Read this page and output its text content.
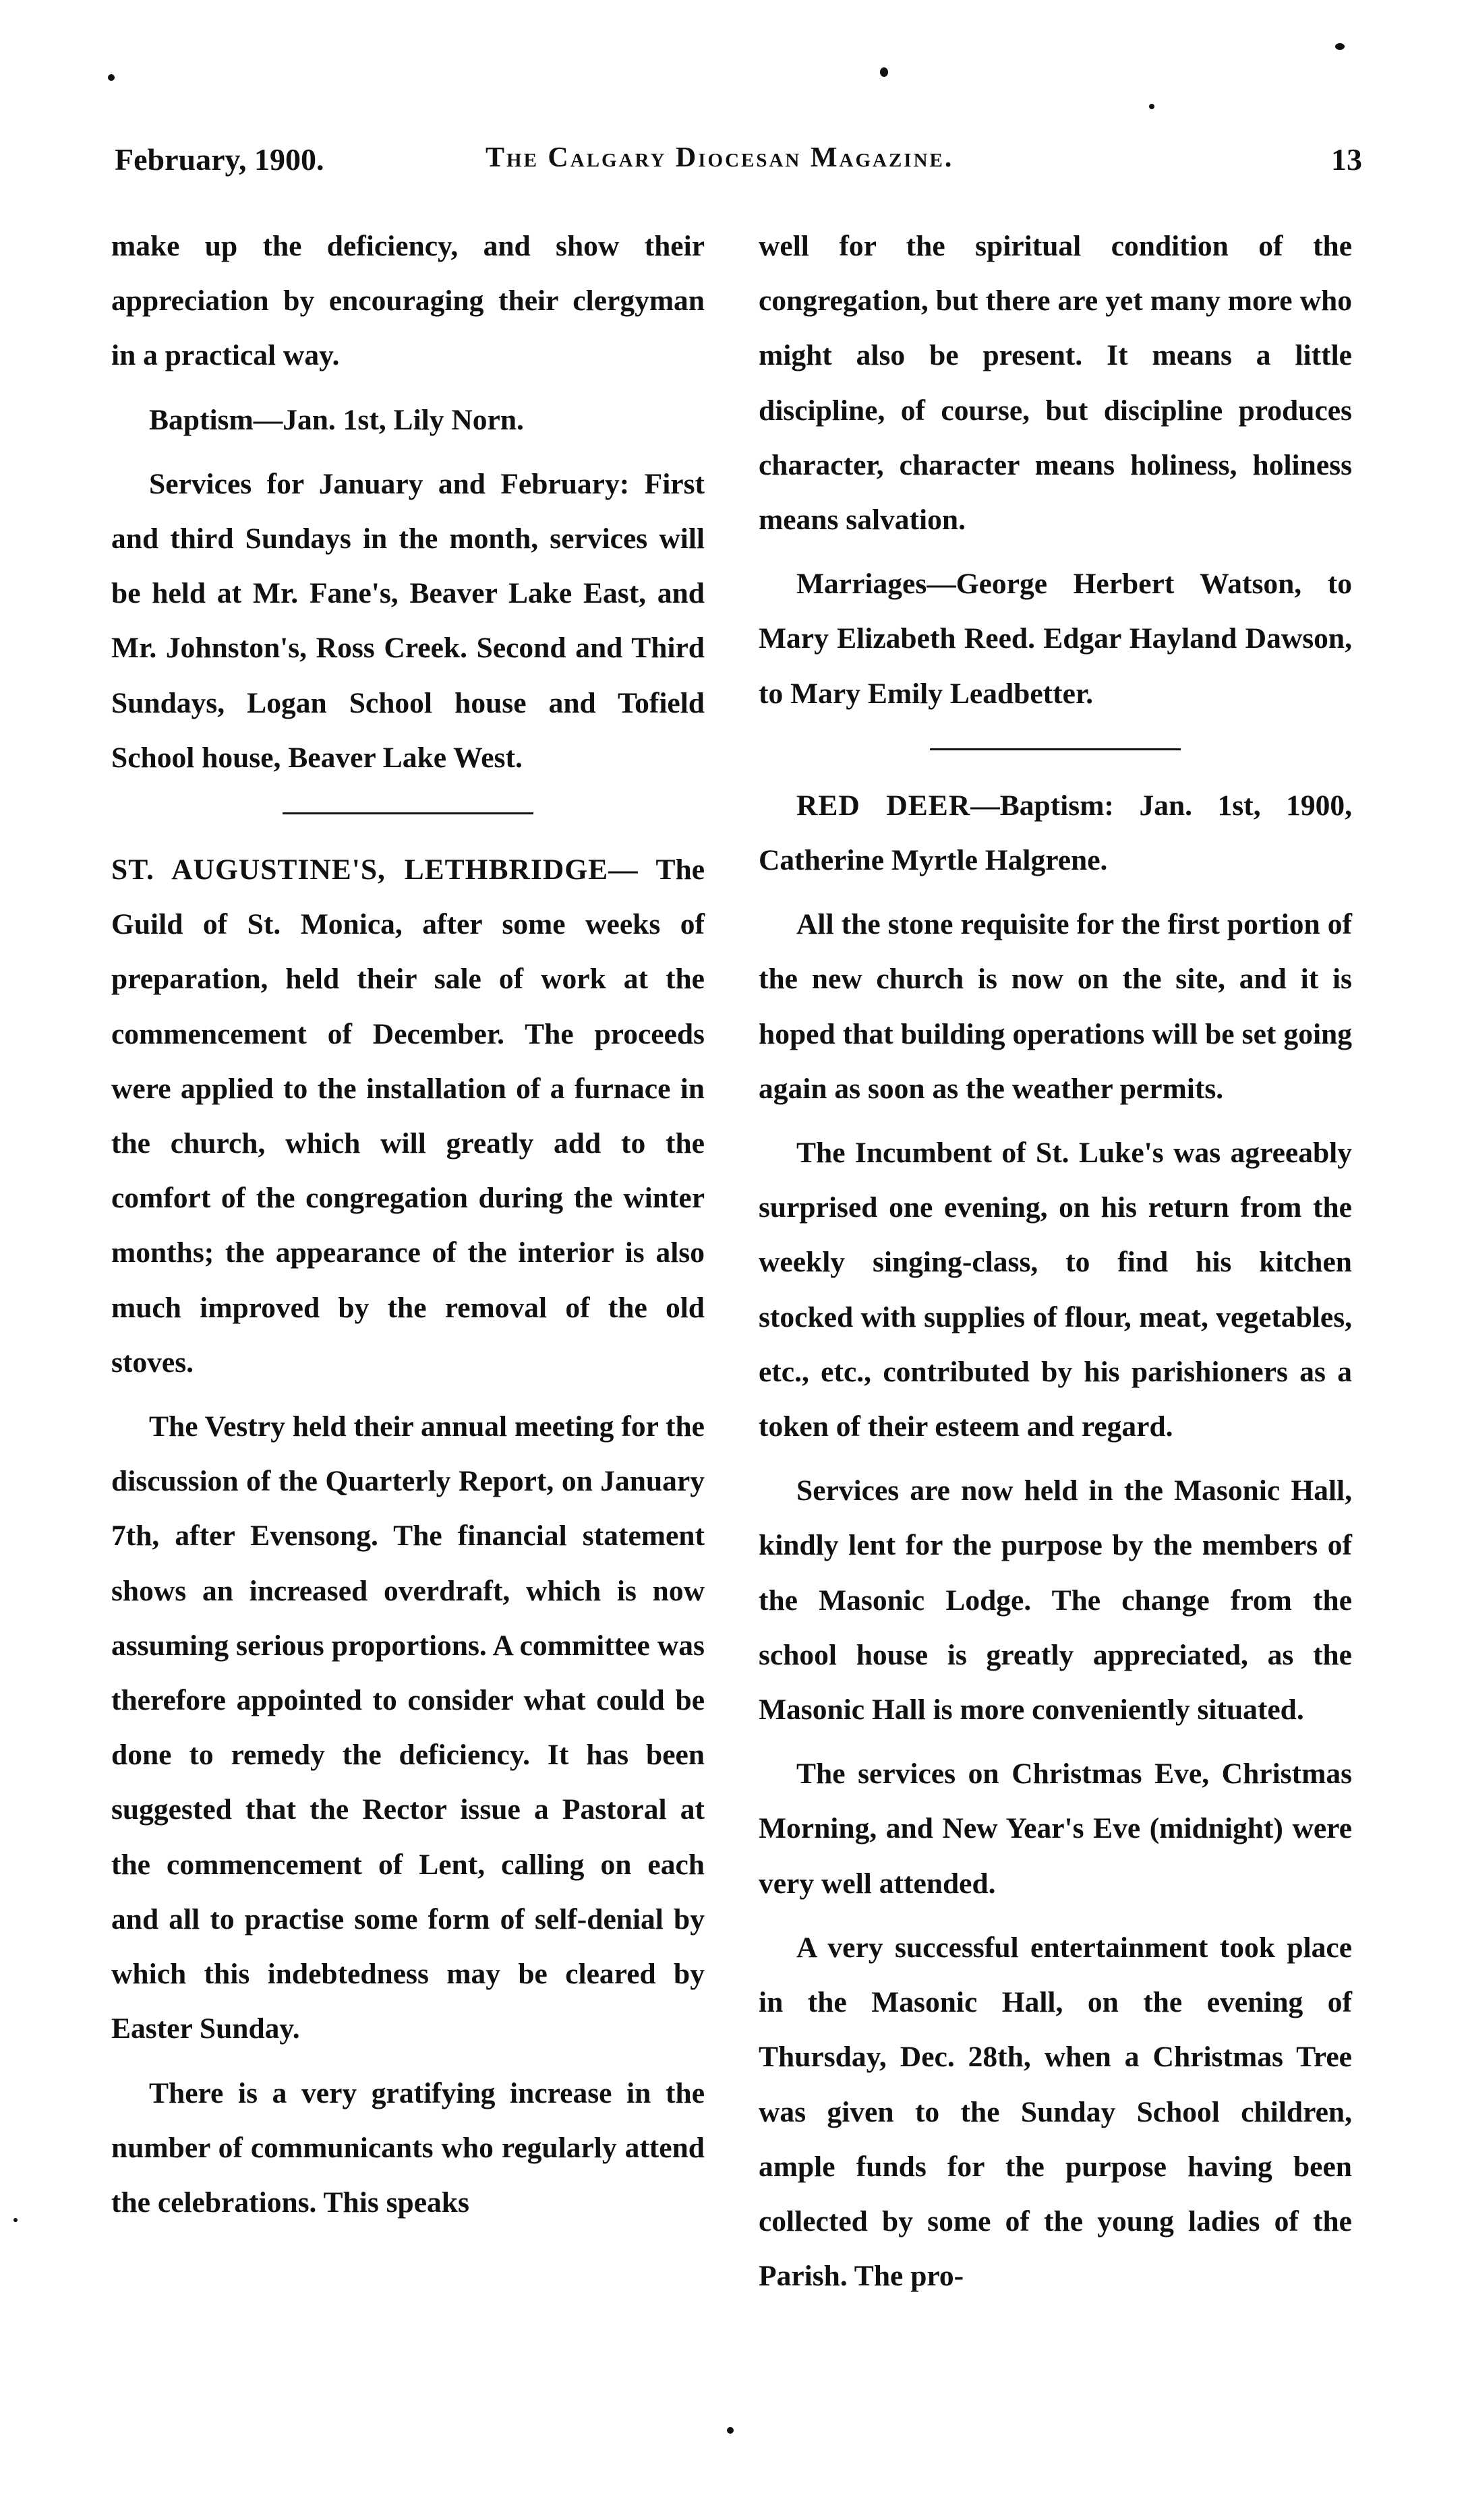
February, 1900.	The Calgary Diocesan Magazine.	13

make up the deficiency, and show their appreciation by encouraging their clergyman in a practical way.

Baptism—Jan. 1st, Lily Norn.

Services for January and February: First and third Sundays in the month, services will be held at Mr. Fane's, Beaver Lake East, and Mr. Johnston's, Ross Creek. Second and Third Sundays, Logan School house and Tofield School house, Beaver Lake West.

ST. AUGUSTINE'S, LETHBRIDGE— The Guild of St. Monica, after some weeks of preparation, held their sale of work at the commencement of December. The proceeds were applied to the installation of a furnace in the church, which will greatly add to the comfort of the congregation during the winter months; the appearance of the interior is also much improved by the removal of the old stoves.

The Vestry held their annual meeting for the discussion of the Quarterly Report, on January 7th, after Evensong. The financial statement shows an increased overdraft, which is now assuming serious proportions. A committee was therefore appointed to consider what could be done to remedy the deficiency. It has been suggested that the Rector issue a Pastoral at the commencement of Lent, calling on each and all to practise some form of self-denial by which this indebtedness may be cleared by Easter Sunday.

There is a very gratifying increase in the number of communicants who regularly attend the celebrations. This speaks

well for the spiritual condition of the congregation, but there are yet many more who might also be present. It means a little discipline, of course, but discipline produces character, character means holiness, holiness means salvation.

Marriages—George Herbert Watson, to Mary Elizabeth Reed. Edgar Hayland Dawson, to Mary Emily Leadbetter.

RED DEER—Baptism: Jan. 1st, 1900, Catherine Myrtle Halgrene.

All the stone requisite for the first portion of the new church is now on the site, and it is hoped that building operations will be set going again as soon as the weather permits.

The Incumbent of St. Luke's was agreeably surprised one evening, on his return from the weekly singing-class, to find his kitchen stocked with supplies of flour, meat, vegetables, etc., etc., contributed by his parishioners as a token of their esteem and regard.

Services are now held in the Masonic Hall, kindly lent for the purpose by the members of the Masonic Lodge. The change from the school house is greatly appreciated, as the Masonic Hall is more conveniently situated.

The services on Christmas Eve, Christmas Morning, and New Year's Eve (midnight) were very well attended.

A very successful entertainment took place in the Masonic Hall, on the evening of Thursday, Dec. 28th, when a Christmas Tree was given to the Sunday School children, ample funds for the purpose having been collected by some of the young ladies of the Parish. The pro-
